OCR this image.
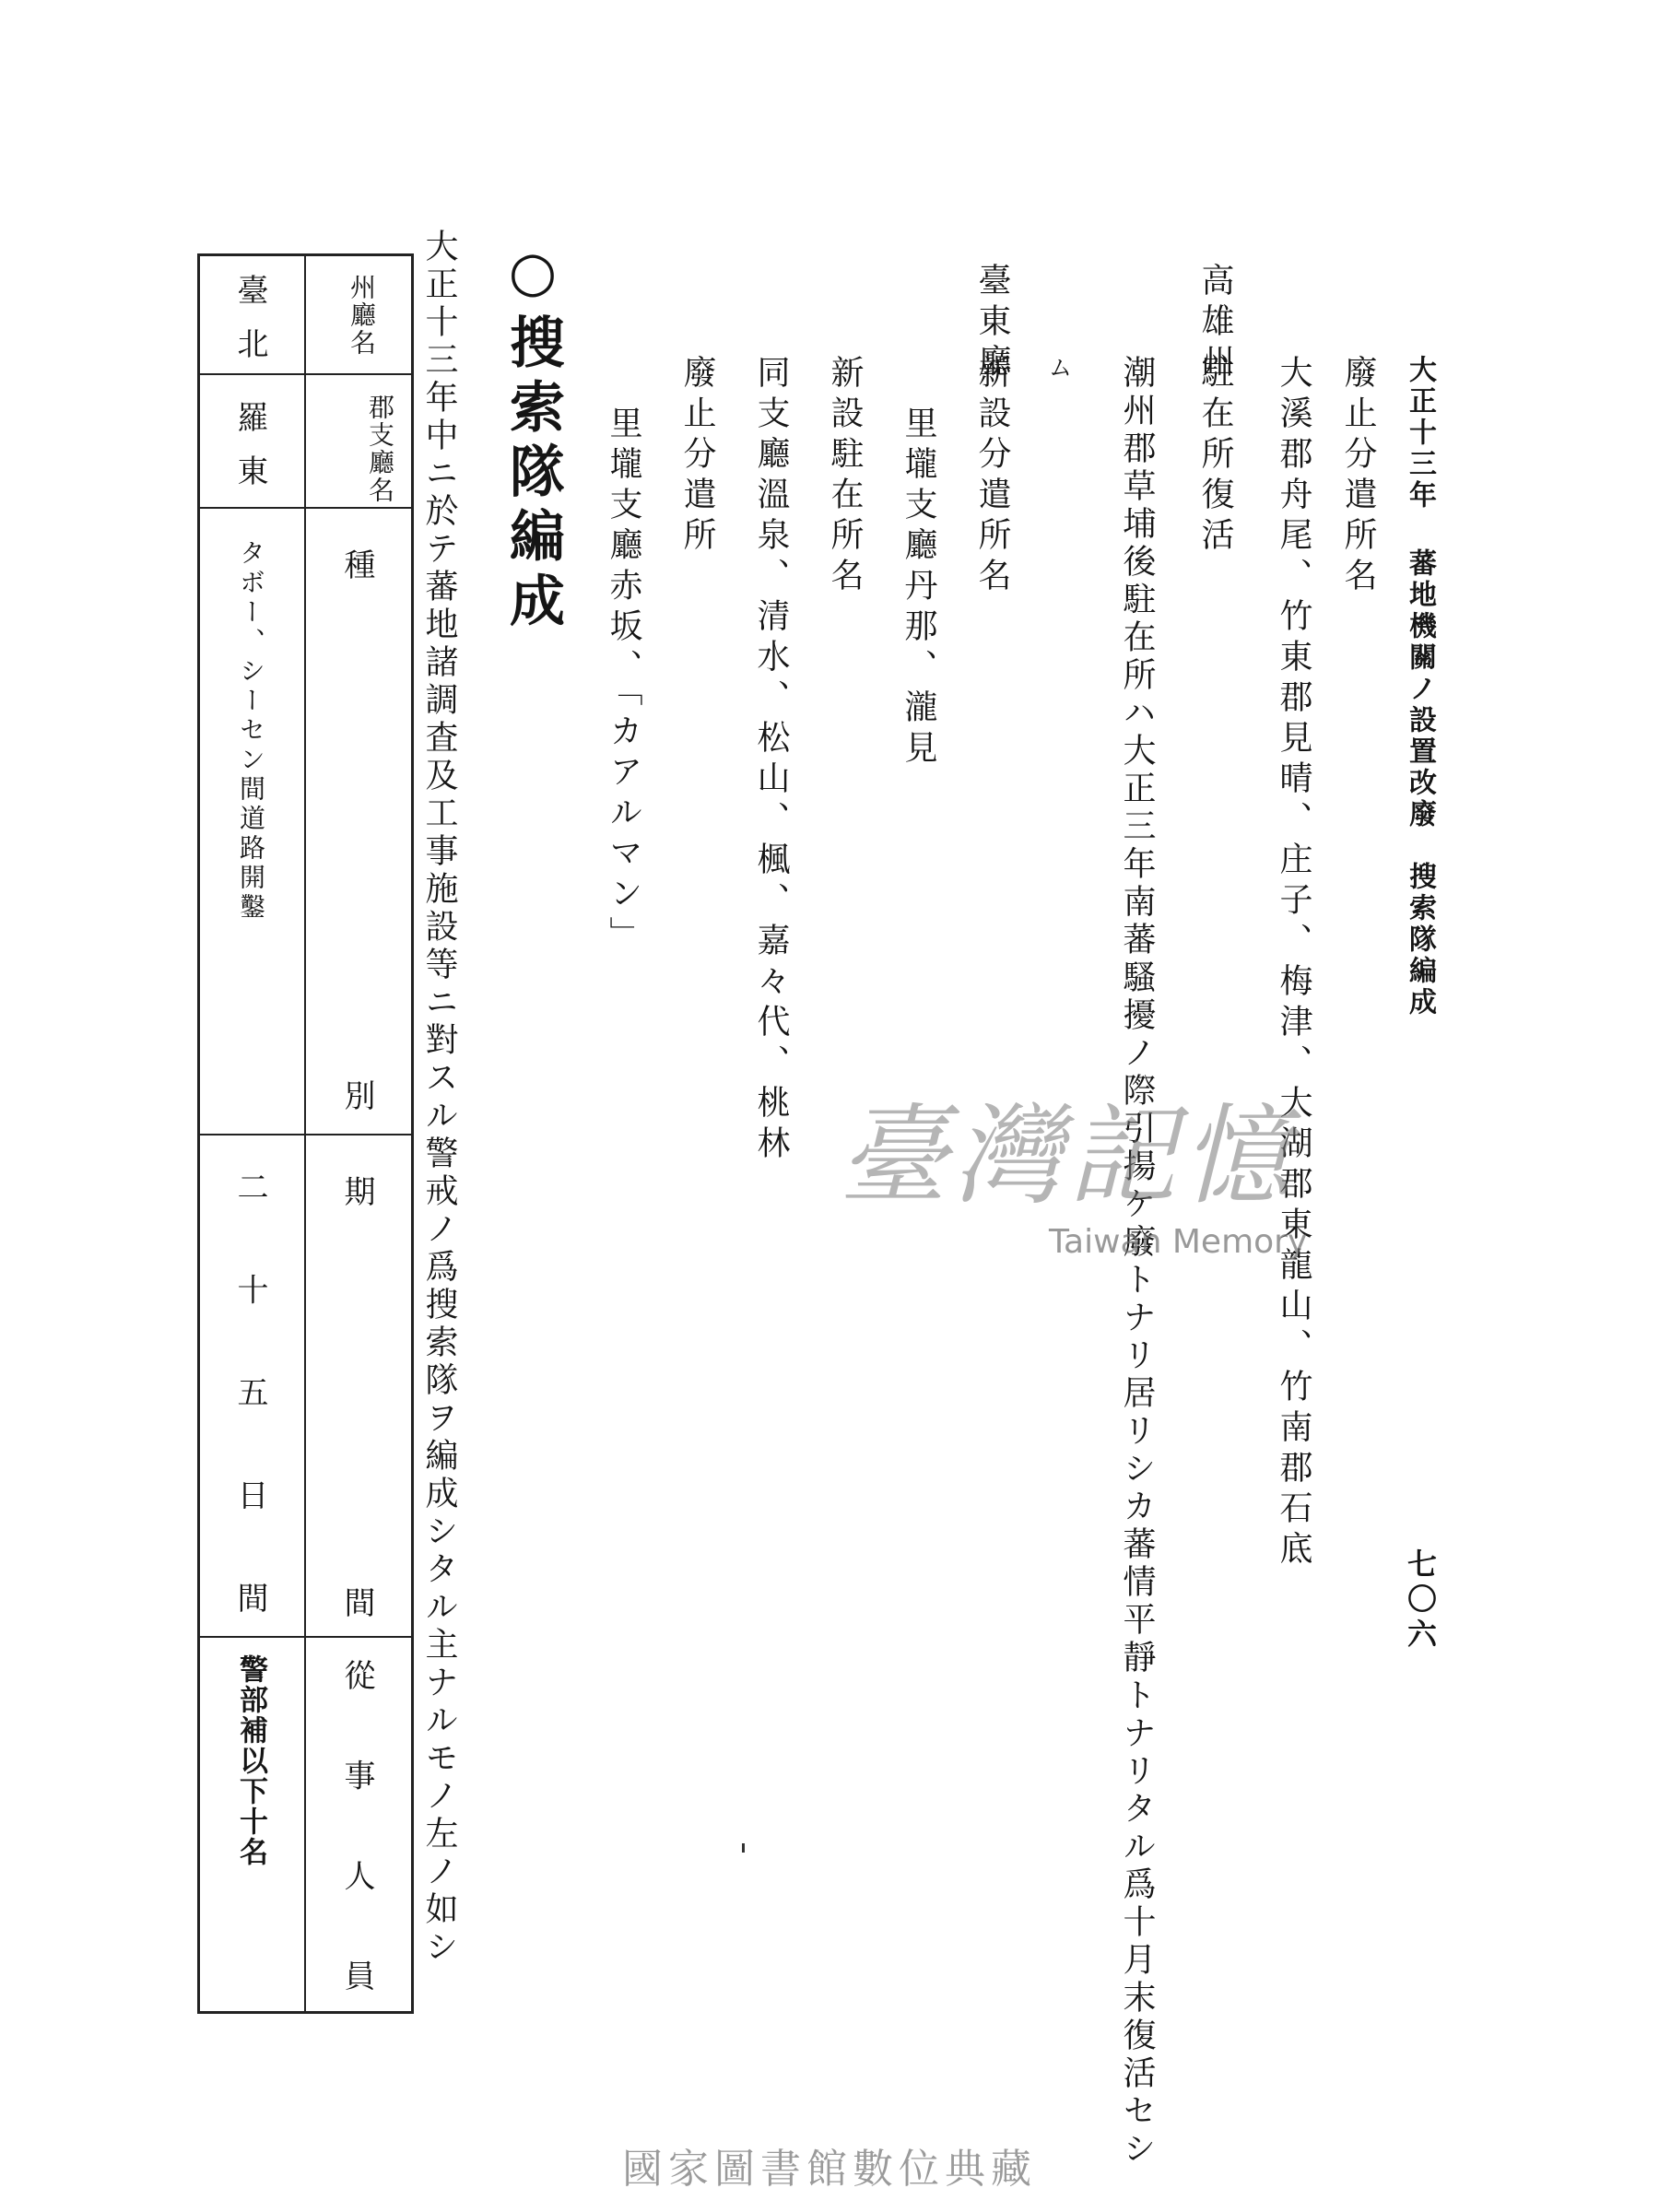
大正十三年蕃地機關ノ設置改廢　搜索隊編成
七〇六
廢止分遣所名
大溪郡舟尾、竹東郡見晴、庄子、梅津、大湖郡東龍山、竹南郡石底
高雄州
駐在所復活
潮州郡草埔後駐在所ハ大正三年南蕃騷擾ノ際引揚ケ廢トナリ居リシカ蕃情平靜トナリタル爲十月末復活セシ
ム
臺東廳
新設分遣所名
里壠支廳丹那、瀧見
新設駐在所名
同支廳溫泉、清水、松山、楓、嘉々代、桃林
廢止分遣所
里壠支廳赤坂、「カアルマン」
○搜索隊編成
大正十三年中ニ於テ蕃地諸調査及工事施設等ニ對スル警戒ノ爲搜索隊ヲ編成シタル主ナルモノ左ノ如シ
州廳名
郡支廳名
種別
期間
從事人員
臺北
羅東
タボー、シーセン間道路開鑿
二十五日間
警部補以下十名
臺灣記憶
Taiwan Memory
國家圖書館數位典藏
